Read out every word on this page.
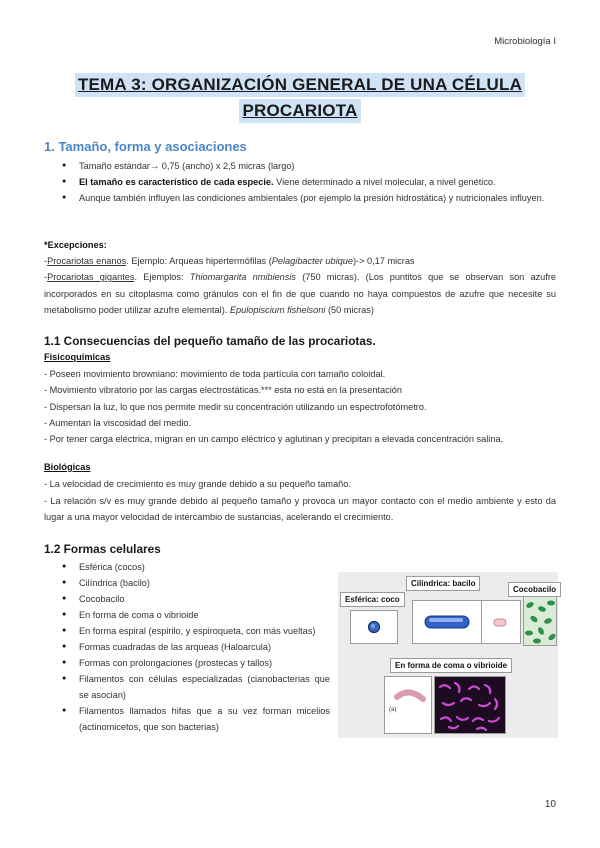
Microbiología I
TEMA 3: ORGANIZACIÓN GENERAL DE UNA CÉLULA
PROCARIOTA
1. Tamaño, forma y asociaciones
● Tamaño estándar→ 0,75 (ancho) x 2,5 micras (largo)
● El tamaño es característico de cada especie. Viene determinado a nivel molecular, a nivel genético.
● Aunque también influyen las condiciones ambientales (por ejemplo la presión hidrostática) y nutricionales influyen.
*Excepciones:
-Procariotas enanos. Ejemplo: Arqueas hipertermófilas (Pelagibacter ubique)-> 0,17 micras
-Procariotas gigantes. Ejemplos: Thiomargarita nmibiensis (750 micras). (Los puntitos que se observan son azufre incorporados en su citoplasma como gránulos con el fin de que cuando no haya compuestos de azufre que necesite su metabolismo poder utilizar azufre elemental). Epulopiscium fishelsoni (50 micras)
1.1 Consecuencias del pequeño tamaño de las procariotas.
Fisicoquímicas
- Poseen movimiento browniano: movimiento de toda partícula con tamaño coloidal.
- Movimiento vibratorio por las cargas electrostáticas.*** esta no está en la presentación
- Dispersan la luz, lo que nos permite medir su concentración utilizando un espectrofotómetro.
- Aumentan la viscosidad del medio.
- Por tener carga eléctrica, migran en un campo eléctrico y aglutinan y precipitan a elevada concentración salina.
Biológicas
- La velocidad de crecimiento es muy grande debido a su pequeño tamaño.
- La relación s/v es muy grande debido al pequeño tamaño y provoca un mayor contacto con el medio ambiente y esto da lugar a una mayor velocidad de intercambio de sustancias, acelerando el crecimiento.
1.2 Formas celulares
● Esférica (cocos)
● Cilíndrica (bacilo)
● Cocobacilo
● En forma de coma o vibrioide
● En forma espiral (espirilo, y espiroqueta, con más vueltas)
● Formas cuadradas de las arqueas (Haloarcula)
● Formas con prolongaciones (prostecas y tallos)
● Filamentos con células especializadas (cianobacterias que se asocian)
● Filamentos llamados hifas que a su vez forman micelios (actinomicetos, que son bacterias)
Cilíndrica: bacilo
Cocobacilo
Esférica: coco
En forma de coma o vibrioide
(a)
10
